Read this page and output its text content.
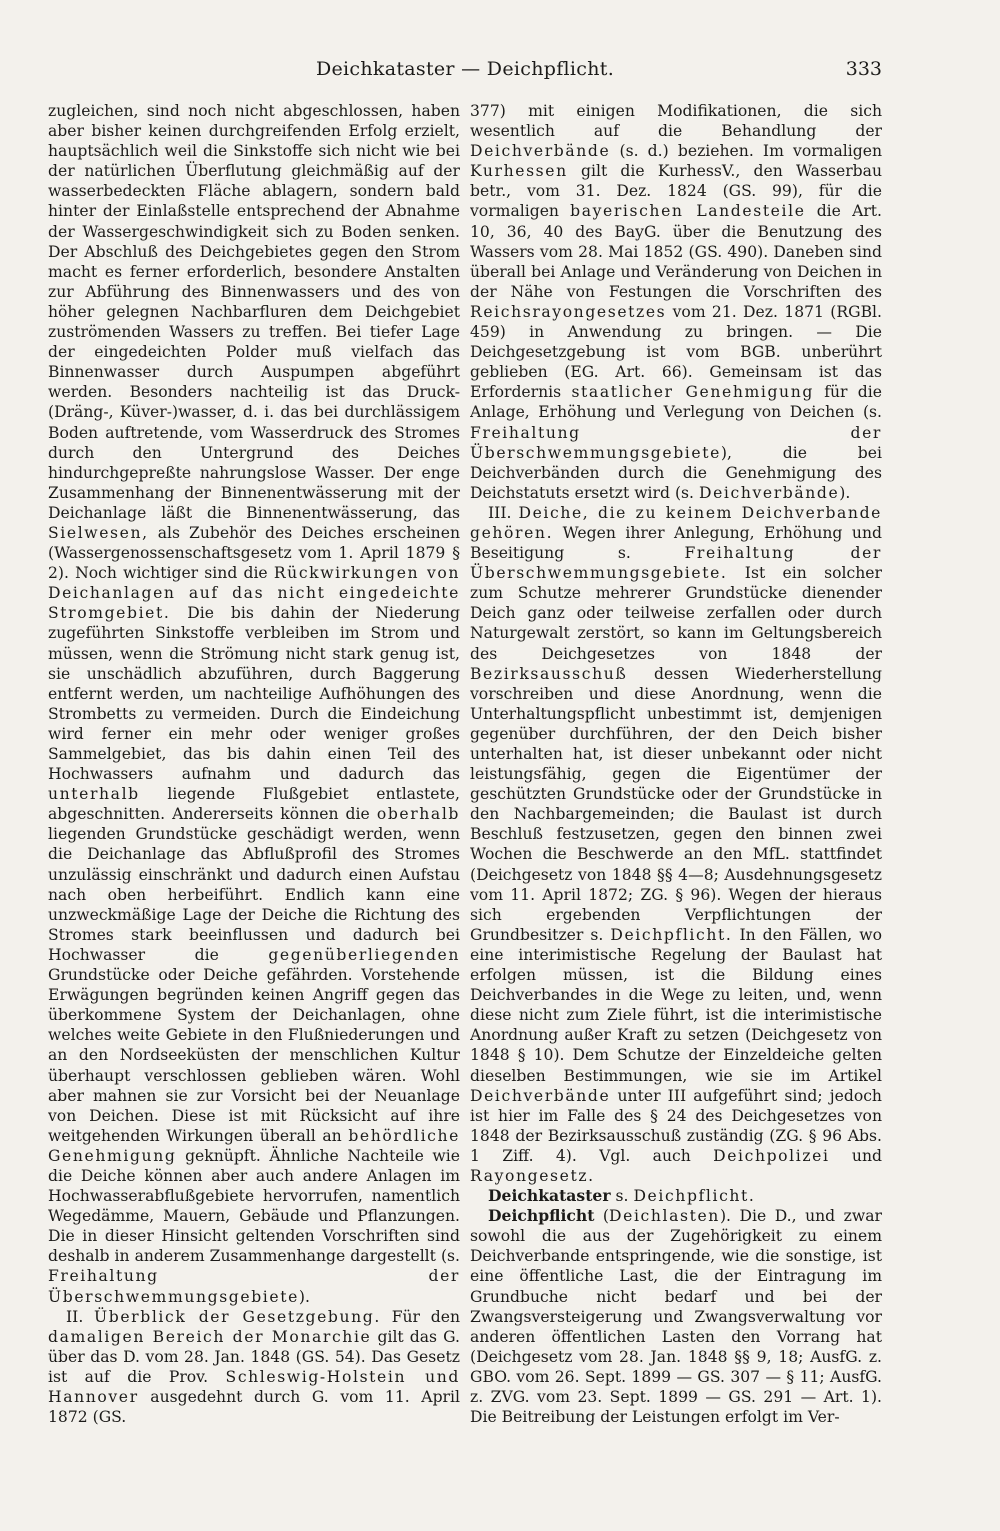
Deichkataster — Deichpflicht.	333

zugleichen, sind noch nicht abgeschlossen, haben aber bisher keinen durchgreifenden Erfolg erzielt, hauptsächlich weil die Sinkstoffe sich nicht wie bei der natürlichen Überflutung gleichmäßig auf der wasserbedeckten Fläche ablagern, sondern bald hinter der Einlaßstelle entsprechend der Abnahme der Wassergeschwindigkeit sich zu Boden senken. Der Abschluß des Deichgebietes gegen den Strom macht es ferner erforderlich, besondere Anstalten zur Abführung des Binnenwassers und des von höher gelegnen Nachbarfluren dem Deichgebiet zuströmenden Wassers zu treffen. Bei tiefer Lage der eingedeichten Polder muß vielfach das Binnenwasser durch Auspumpen abgeführt werden. Besonders nachteilig ist das Druck- (Dräng-, Küver-)wasser, d. i. das bei durchlässigem Boden auftretende, vom Wasserdruck des Stromes durch den Untergrund des Deiches hindurchgepreßte nahrungslose Wasser. Der enge Zusammenhang der Binnenentwässerung mit der Deichanlage läßt die Binnenentwässerung, das Sielwesen, als Zubehör des Deiches erscheinen (Wassergenossenschaftsgesetz vom 1. April 1879 § 2). Noch wichtiger sind die Rückwirkungen von Deichanlagen auf das nicht eingedeichte Stromgebiet. Die bis dahin der Niederung zugeführten Sinkstoffe verbleiben im Strom und müssen, wenn die Strömung nicht stark genug ist, sie unschädlich abzuführen, durch Baggerung entfernt werden, um nachteilige Aufhöhungen des Strombetts zu vermeiden. Durch die Eindeichung wird ferner ein mehr oder weniger großes Sammelgebiet, das bis dahin einen Teil des Hochwassers aufnahm und dadurch das unterhalb liegende Flußgebiet entlastete, abgeschnitten. Andererseits können die oberhalb liegenden Grundstücke geschädigt werden, wenn die Deichanlage das Abflußprofil des Stromes unzulässig einschränkt und dadurch einen Aufstau nach oben herbeiführt. Endlich kann eine unzweckmäßige Lage der Deiche die Richtung des Stromes stark beeinflussen und dadurch bei Hochwasser die	gegenüberliegenden Grundstücke oder Deiche gefährden. Vorstehende Erwägungen begründen keinen Angriff gegen das überkommene System der Deichanlagen, ohne welches weite Gebiete in den Flußniederungen und an den Nordseeküsten der menschlichen Kultur überhaupt verschlossen geblieben wären. Wohl aber mahnen sie zur Vorsicht bei der Neuanlage von Deichen. Diese ist mit Rücksicht auf ihre weitgehenden Wirkungen überall an behördliche Genehmigung geknüpft. Ähnliche Nachteile wie die Deiche können aber auch andere Anlagen im Hochwasserabflußgebiete hervorrufen, namentlich Wegedämme, Mauern, Gebäude und Pflanzungen. Die in dieser Hinsicht geltenden Vorschriften sind deshalb in anderem Zusammenhange dargestellt (s. Freihaltung der Überschwemmungsgebiete).

II. Überblick der Gesetzgebung. Für den damaligen Bereich der Monarchie gilt das G. über das D. vom 28. Jan. 1848 (GS. 54). Das Gesetz ist auf die Prov. Schleswig-Holstein und Hannover ausgedehnt durch G. vom 11. April 1872 (GS.

377) mit einigen Modifikationen, die sich wesentlich auf die Behandlung der Deichverbände (s. d.) beziehen. Im vormaligen Kurhessen gilt die KurhessV., den Wasserbau betr., vom 31. Dez. 1824 (GS. 99), für die vormaligen bayerischen Landesteile die Art. 10, 36, 40 des BayG. über die Benutzung des Wassers vom 28. Mai 1852 (GS. 490). Daneben sind überall bei Anlage und Veränderung von Deichen in der Nähe von Festungen die Vorschriften des Reichsrayongesetzes vom 21. Dez. 1871 (RGBl. 459) in Anwendung zu bringen. — Die Deichgesetzgebung ist vom BGB. unberührt geblieben (EG. Art. 66). Gemeinsam ist das Erfordernis staatlicher Genehmigung für die Anlage, Erhöhung und Verlegung von Deichen (s. Freihaltung der Überschwemmungsgebiete), die bei Deichverbänden durch die Genehmigung des Deichstatuts ersetzt wird (s. Deichverbände).

III. Deiche, die zu keinem Deichverbande gehören. Wegen ihrer Anlegung, Erhöhung und Beseitigung s.	Freihaltung der Überschwemmungsgebiete. Ist ein solcher zum Schutze mehrerer Grundstücke dienender Deich ganz oder teilweise zerfallen oder durch Naturgewalt zerstört, so kann im Geltungsbereich des Deichgesetzes von 1848 der Bezirksausschuß dessen Wiederherstellung vorschreiben und diese Anordnung, wenn die Unterhaltungspflicht unbestimmt ist, demjenigen gegenüber durchführen, der den Deich bisher unterhalten hat, ist dieser unbekannt oder nicht leistungsfähig, gegen die Eigentümer der geschützten Grundstücke oder der Grundstücke in den Nachbargemeinden; die Baulast ist durch Beschluß festzusetzen, gegen den binnen zwei Wochen die Beschwerde an den MfL. stattfindet (Deichgesetz von 1848 §§ 4—8; Ausdehnungsgesetz vom 11. April 1872; ZG. § 96). Wegen der hieraus sich ergebenden Verpflichtungen der Grundbesitzer s. Deichpflicht. In den Fällen, wo eine interimistische Regelung der Baulast hat erfolgen müssen, ist die Bildung eines Deichverbandes in die Wege zu leiten, und, wenn diese nicht zum Ziele führt, ist die interimistische Anordnung außer Kraft zu setzen (Deichgesetz von 1848 § 10). Dem Schutze der Einzeldeiche gelten dieselben Bestimmungen, wie sie im Artikel Deichverbände unter III aufgeführt sind; jedoch ist hier im Falle des § 24 des Deichgesetzes von 1848 der Bezirksausschuß zuständig (ZG. § 96 Abs. 1 Ziff. 4). Vgl. auch Deichpolizei und Rayongesetz.

Deichkataster s. Deichpflicht.

Deichpflicht (Deichlasten). Die D., und zwar sowohl die aus der Zugehörigkeit zu einem Deichverbande entspringende, wie die sonstige, ist eine öffentliche Last, die der Eintragung im Grundbuche nicht bedarf und bei der Zwangsversteigerung und Zwangsverwaltung vor anderen öffentlichen Lasten den Vorrang hat (Deichgesetz vom 28. Jan. 1848 §§ 9, 18; AusfG. z. GBO. vom 26. Sept. 1899 — GS. 307 — § 11; AusfG. z. ZVG. vom 23. Sept. 1899 — GS. 291 — Art. 1). Die Beitreibung der Leistungen erfolgt im Ver-
